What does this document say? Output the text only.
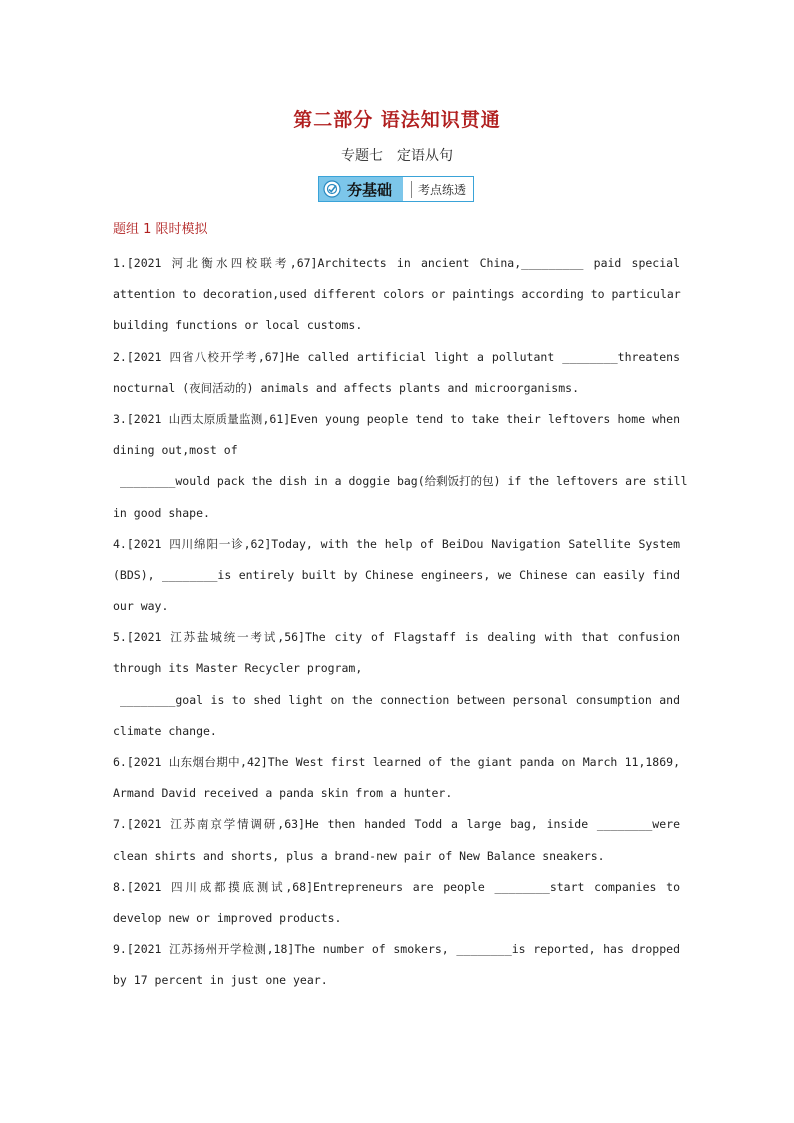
第二部分 语法知识贯通
专题七　定语从句
夯基础	考点练透
题组 1 限时模拟
1.[2021 河北衡水四校联考,67]Architects in ancient China,_________ paid special
attention to decoration,used different colors or paintings according to particular
building functions or local customs.
2.[2021 四省八校开学考,67]He called artificial light a pollutant ________threatens
nocturnal (夜间活动的) animals and affects plants and microorganisms.
3.[2021 山西太原质量监测,61]Even young people tend to take their leftovers home when
dining out,most of
________would pack the dish in a doggie bag(给剩饭打的包) if the leftovers are still
in good shape.
4.[2021 四川绵阳一诊,62]Today, with the help of BeiDou Navigation Satellite System
(BDS), ________is entirely built by Chinese engineers, we Chinese can easily find
our way.
5.[2021 江苏盐城统一考试,56]The city of Flagstaff is dealing with that confusion
through its Master Recycler program,
________goal is to shed light on the connection between personal consumption and
climate change.
6.[2021 山东烟台期中,42]The West first learned of the giant panda on March 11,1869,
Armand David received a panda skin from a hunter.
7.[2021 江苏南京学情调研,63]He then handed Todd a large bag, inside ________were
clean shirts and shorts, plus a brand-new pair of New Balance sneakers.
8.[2021 四川成都摸底测试,68]Entrepreneurs are people ________start companies to
develop new or improved products.
9.[2021 江苏扬州开学检测,18]The number of smokers, ________is reported, has dropped
by 17 percent in just one year.
